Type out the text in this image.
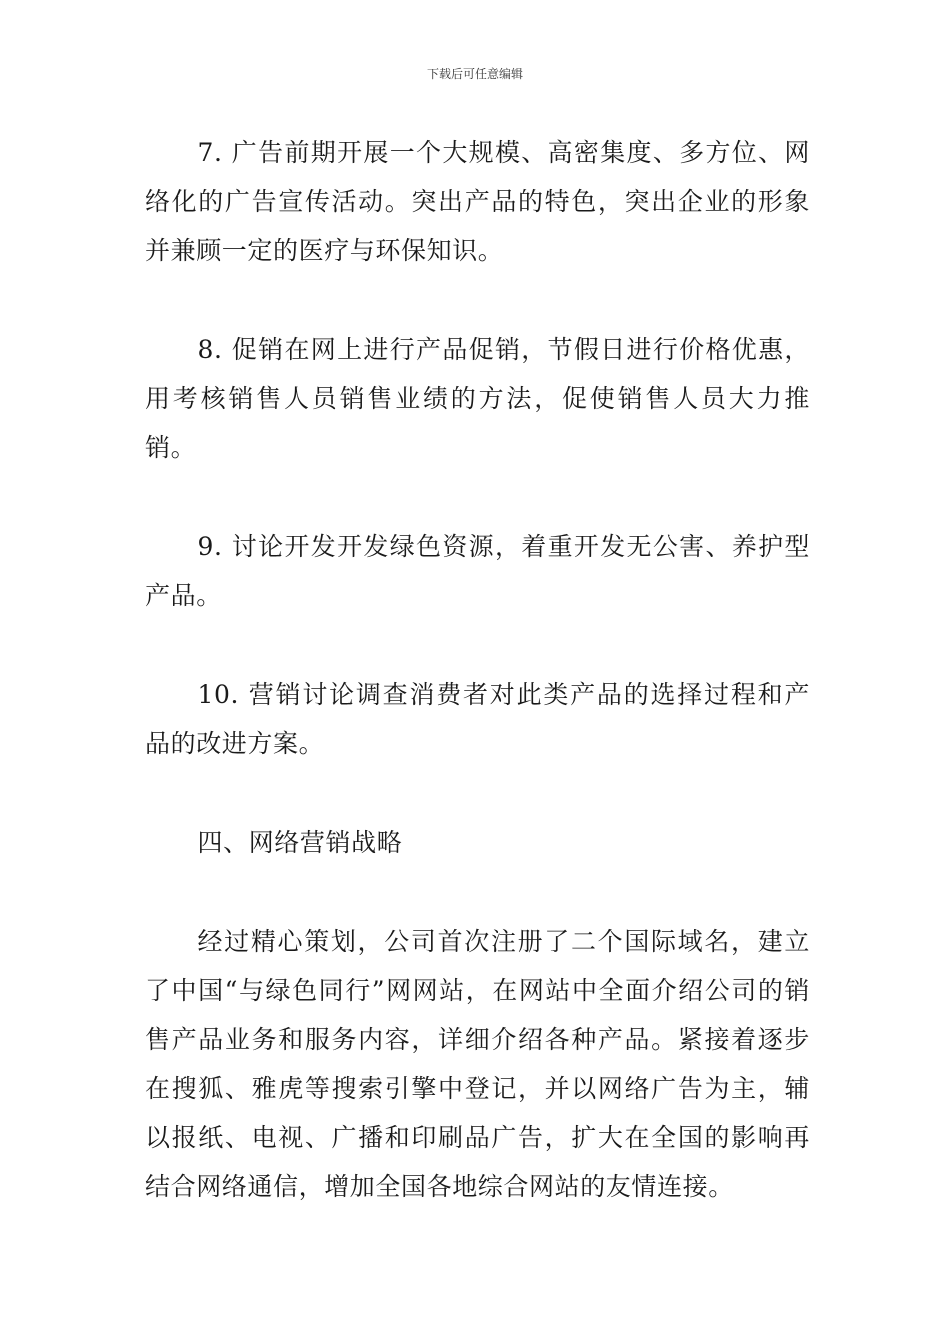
下载后可任意编辑

7. 广告前期开展一个大规模、高密集度、多方位、网络化的广告宣传活动。突出产品的特色，突出企业的形象并兼顾一定的医疗与环保知识。

8. 促销在网上进行产品促销，节假日进行价格优惠，用考核销售人员销售业绩的方法，促使销售人员大力推销。

9. 讨论开发开发绿色资源，着重开发无公害、养护型产品。

10. 营销讨论调查消费者对此类产品的选择过程和产品的改进方案。

四、网络营销战略

经过精心策划，公司首次注册了二个国际域名，建立了中国“与绿色同行”网网站，在网站中全面介绍公司的销售产品业务和服务内容，详细介绍各种产品。紧接着逐步在搜狐、雅虎等搜索引擎中登记，并以网络广告为主，辅以报纸、电视、广播和印刷品广告，扩大在全国的影响再结合网络通信，增加全国各地综合网站的友情连接。
